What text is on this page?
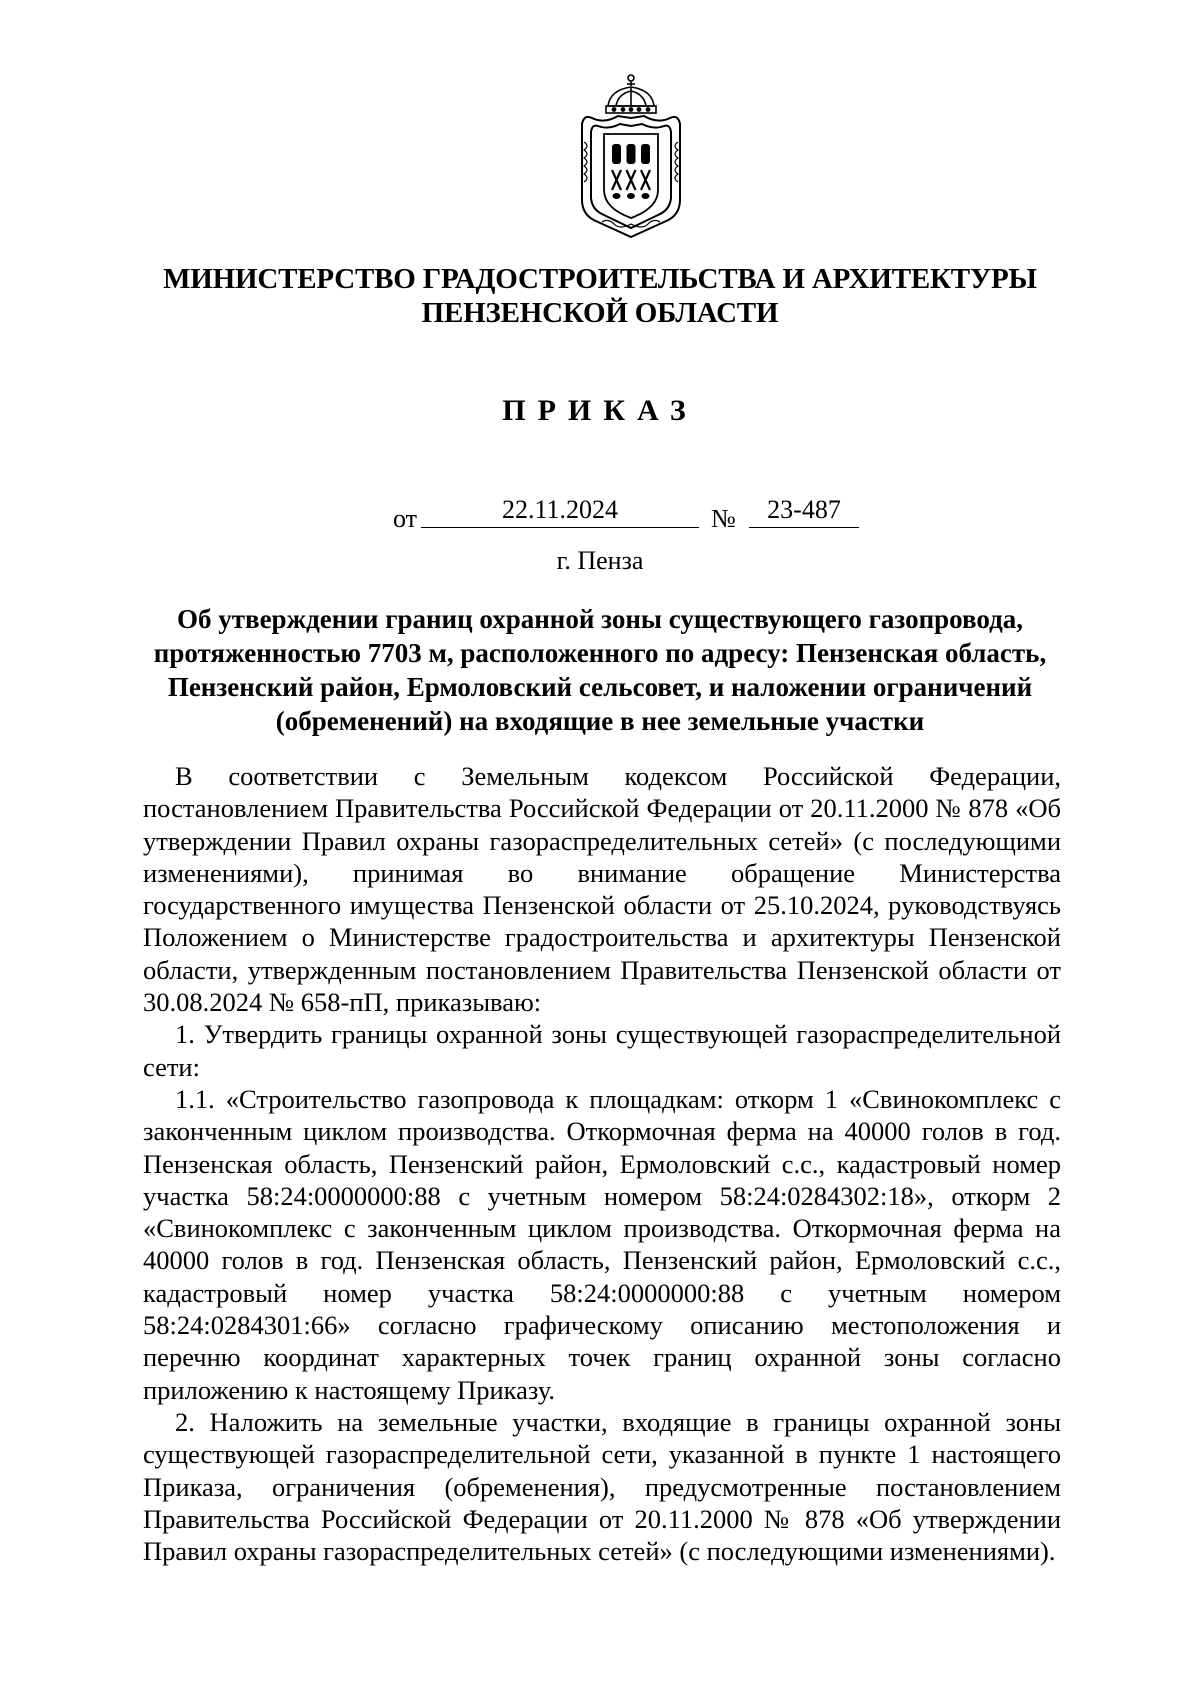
МИНИСТЕРСТВО ГРАДОСТРОИТЕЛЬСТВА И АРХИТЕКТУРЫ
ПЕНЗЕНСКОЙ ОБЛАСТИ
ПРИКАЗ
от	22.11.2024	№	23-487
г. Пенза
Об утверждении границ охранной зоны существующего газопровода, протяженностью 7703 м, расположенного по адресу: Пензенская область, Пензенский район, Ермоловский сельсовет, и наложении ограничений (обременений) на входящие в нее земельные участки

В соответствии с Земельным кодексом Российской Федерации, постановлением Правительства Российской Федерации от 20.11.2000 № 878 «Об утверждении Правил охраны газораспределительных сетей» (с последующими изменениями), принимая во внимание обращение Министерства государственного имущества Пензенской области от 25.10.2024, руководствуясь Положением о Министерстве градостроительства и архитектуры Пензенской области, утвержденным постановлением Правительства Пензенской области от 30.08.2024 № 658-пП, приказываю:

1. Утвердить границы охранной зоны существующей газораспределительной сети:

1.1. «Строительство газопровода к площадкам: откорм 1 «Свинокомплекс с законченным циклом производства. Откормочная ферма на 40000 голов в год. Пензенская область, Пензенский район, Ермоловский с.с., кадастровый номер участка 58:24:0000000:88 с учетным номером 58:24:0284302:18», откорм 2 «Свинокомплекс с законченным циклом производства. Откормочная ферма на 40000 голов в год. Пензенская область, Пензенский район, Ермоловский с.с., кадастровый номер участка 58:24:0000000:88 с учетным номером 58:24:0284301:66» согласно графическому описанию местоположения и перечню координат характерных точек границ охранной зоны согласно приложению к настоящему Приказу.

2. Наложить на земельные участки, входящие в границы охранной зоны существующей газораспределительной сети, указанной в пункте 1 настоящего Приказа, ограничения (обременения), предусмотренные постановлением Правительства Российской Федерации от 20.11.2000 № 878 «Об утверждении Правил охраны газораспределительных сетей» (с последующими изменениями).
